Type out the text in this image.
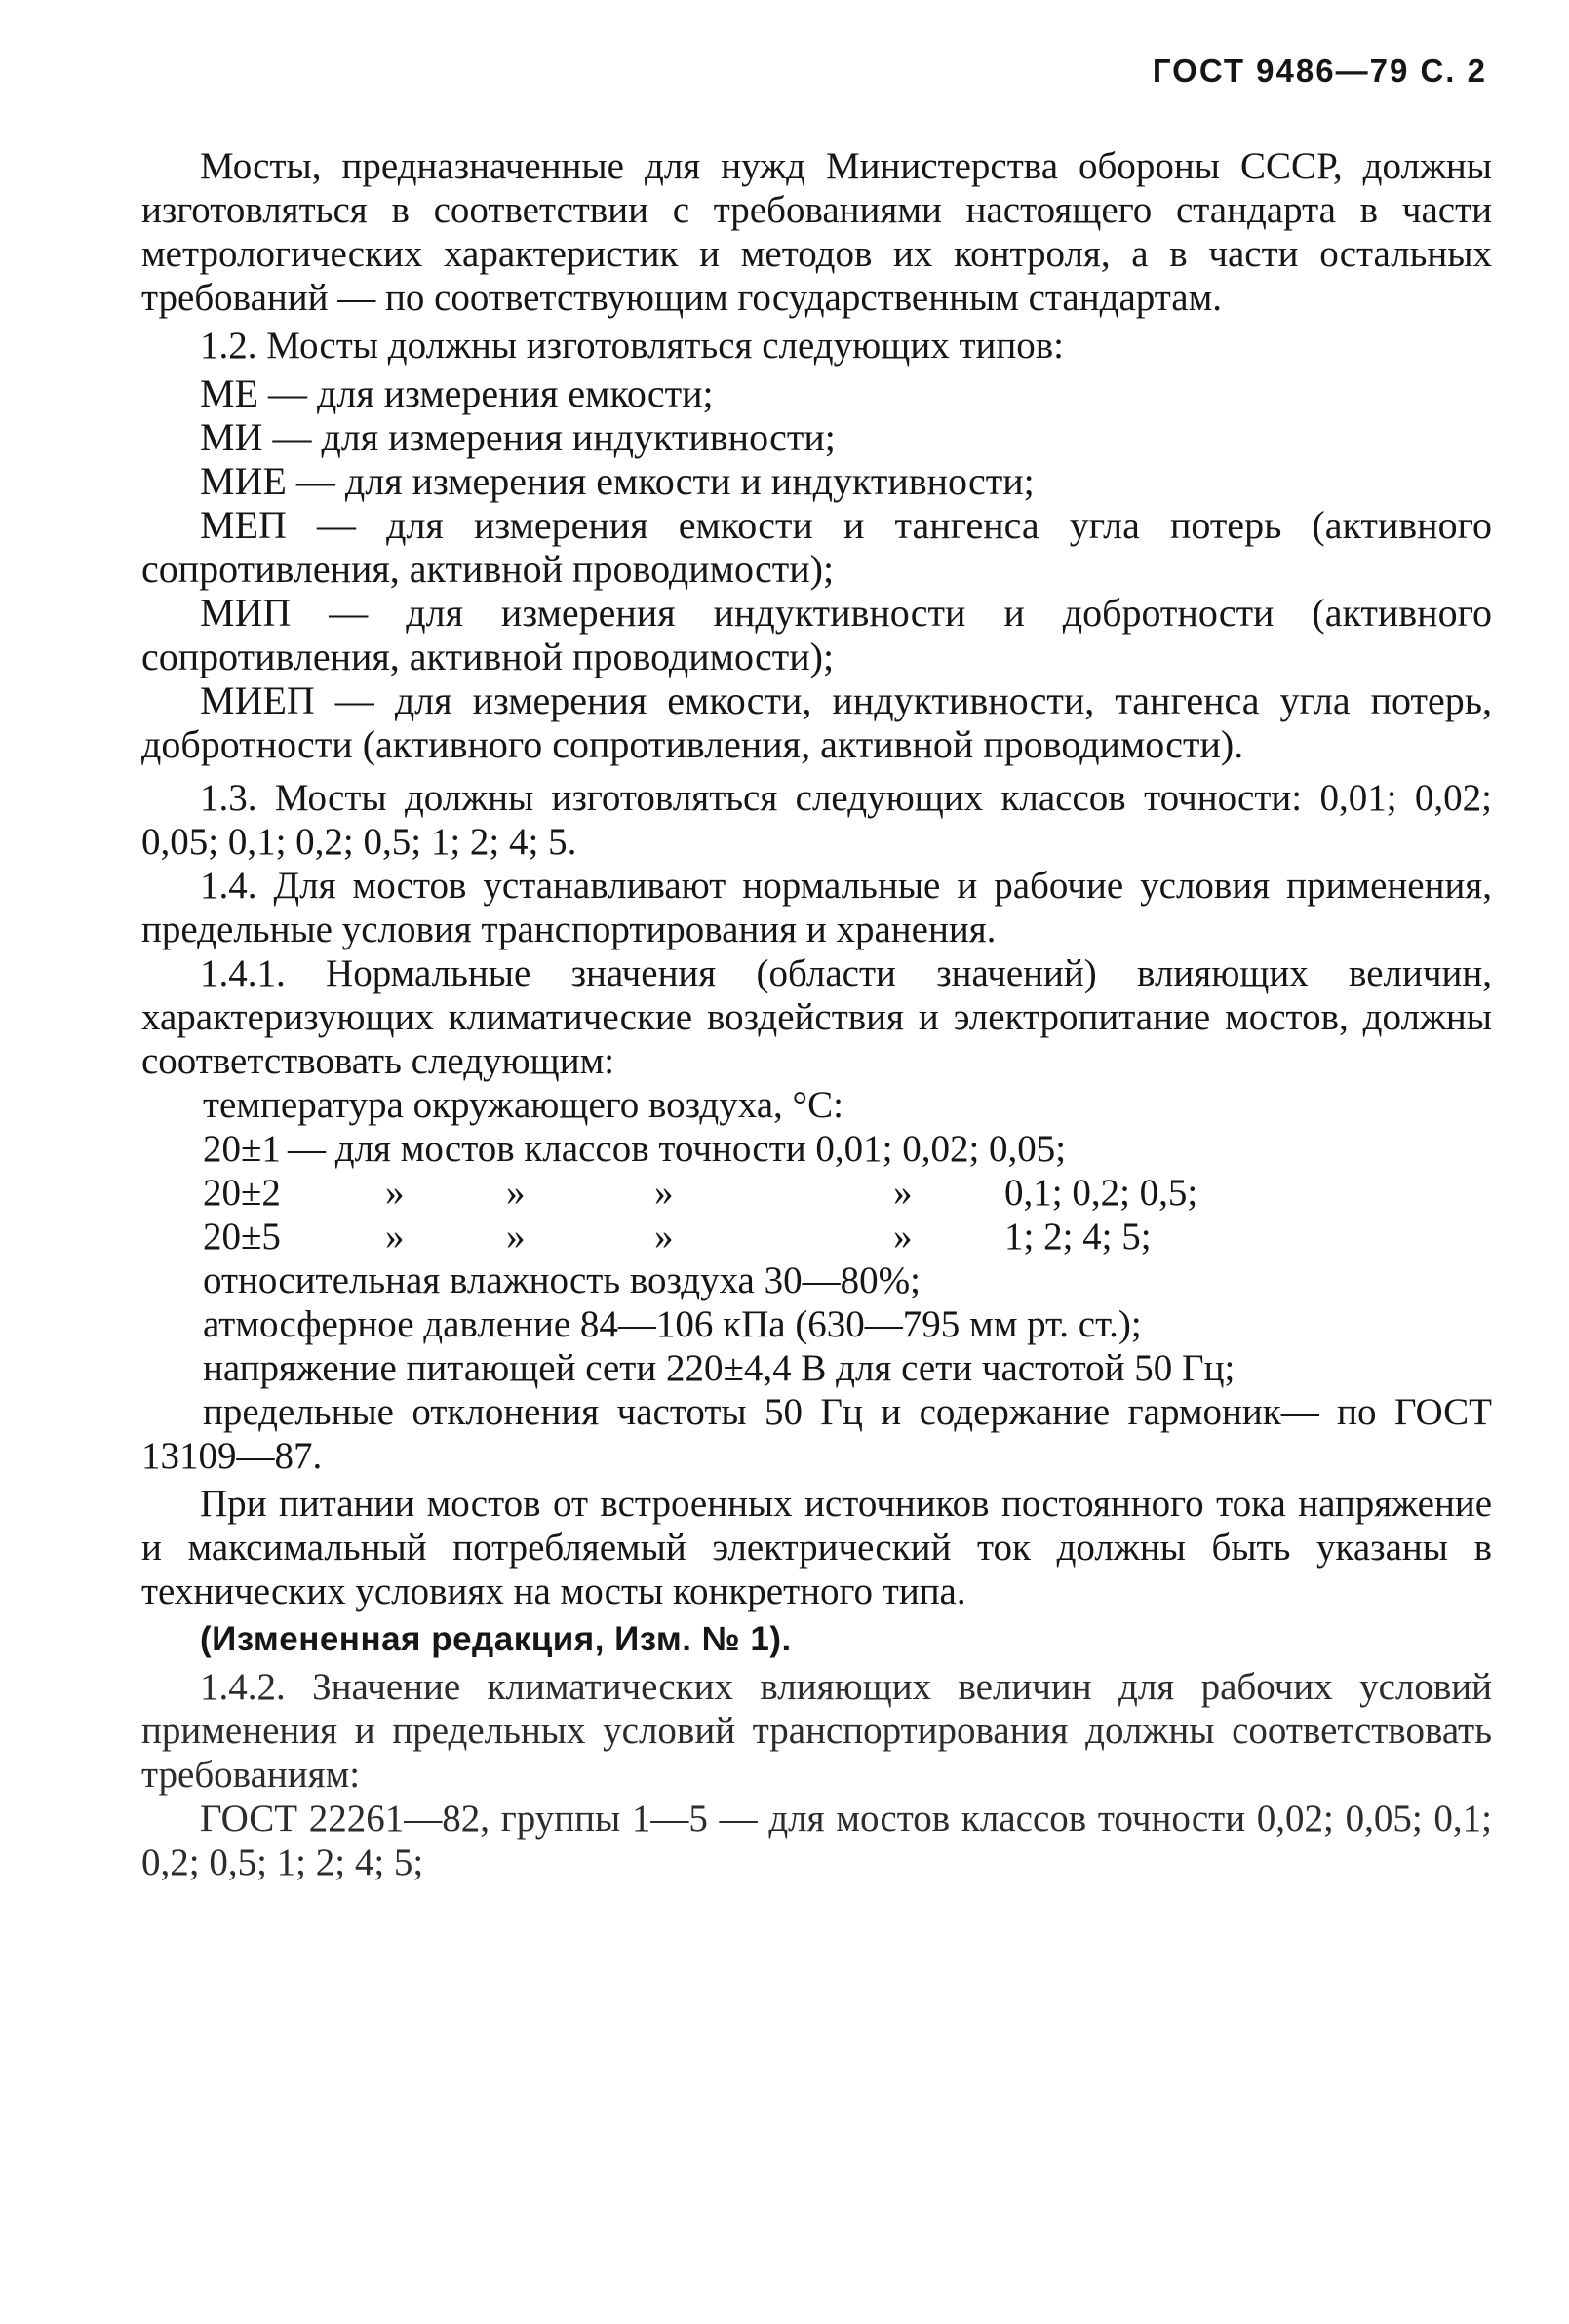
ГОСТ 9486—79 С. 2

Мосты, предназначенные для нужд Министерства обороны СССР, должны изготовляться в соответствии с требованиями настоящего стандарта в части метрологических характеристик и методов их контроля, а в части остальных требований — по соответствующим государственным стандартам.

1.2. Мосты должны изготовляться следующих типов:

МЕ — для измерения емкости;

МИ — для измерения индуктивности;

МИЕ — для измерения емкости и индуктивности;

МЕП — для измерения емкости и тангенса угла потерь (активного сопротивления, активной проводимости);

МИП — для измерения индуктивности и добротности (активного сопротивления, активной проводимости);

МИЕП — для измерения емкости, индуктивности, тангенса угла потерь, добротности (активного сопротивления, активной проводимости).

1.3. Мосты должны изготовляться следующих классов точности: 0,01; 0,02; 0,05; 0,1; 0,2; 0,5; 1; 2; 4; 5.

1.4. Для мостов устанавливают нормальные и рабочие условия применения, предельные условия транспортирования и хранения.

1.4.1. Нормальные значения (области значений) влияющих величин, характеризующих климатические воздействия и электропитание мостов, должны соответствовать следующим:

температура окружающего воздуха, °С:

20±1 — для мостов классов точности 0,01; 0,02; 0,05;
20±2	»	»	»	» 0,1; 0,2; 0,5;
20±5	»	»	»	» 1; 2; 4; 5;

относительная влажность воздуха 30—80%;

атмосферное давление 84—106 кПа (630—795 мм рт. ст.);

напряжение питающей сети 220±4,4 В для сети частотой 50 Гц;

предельные отклонения частоты 50 Гц и содержание гармоник— по ГОСТ 13109—87.

При питании мостов от встроенных источников постоянного тока напряжение и максимальный потребляемый электрический ток должны быть указаны в технических условиях на мосты конкретного типа.

(Измененная редакция, Изм. № 1).

1.4.2. Значение климатических влияющих величин для рабочих условий применения и предельных условий транспортирования должны соответствовать требованиям:

ГОСТ 22261—82, группы 1—5 — для мостов классов точности 0,02; 0,05; 0,1; 0,2; 0,5; 1; 2; 4; 5;
